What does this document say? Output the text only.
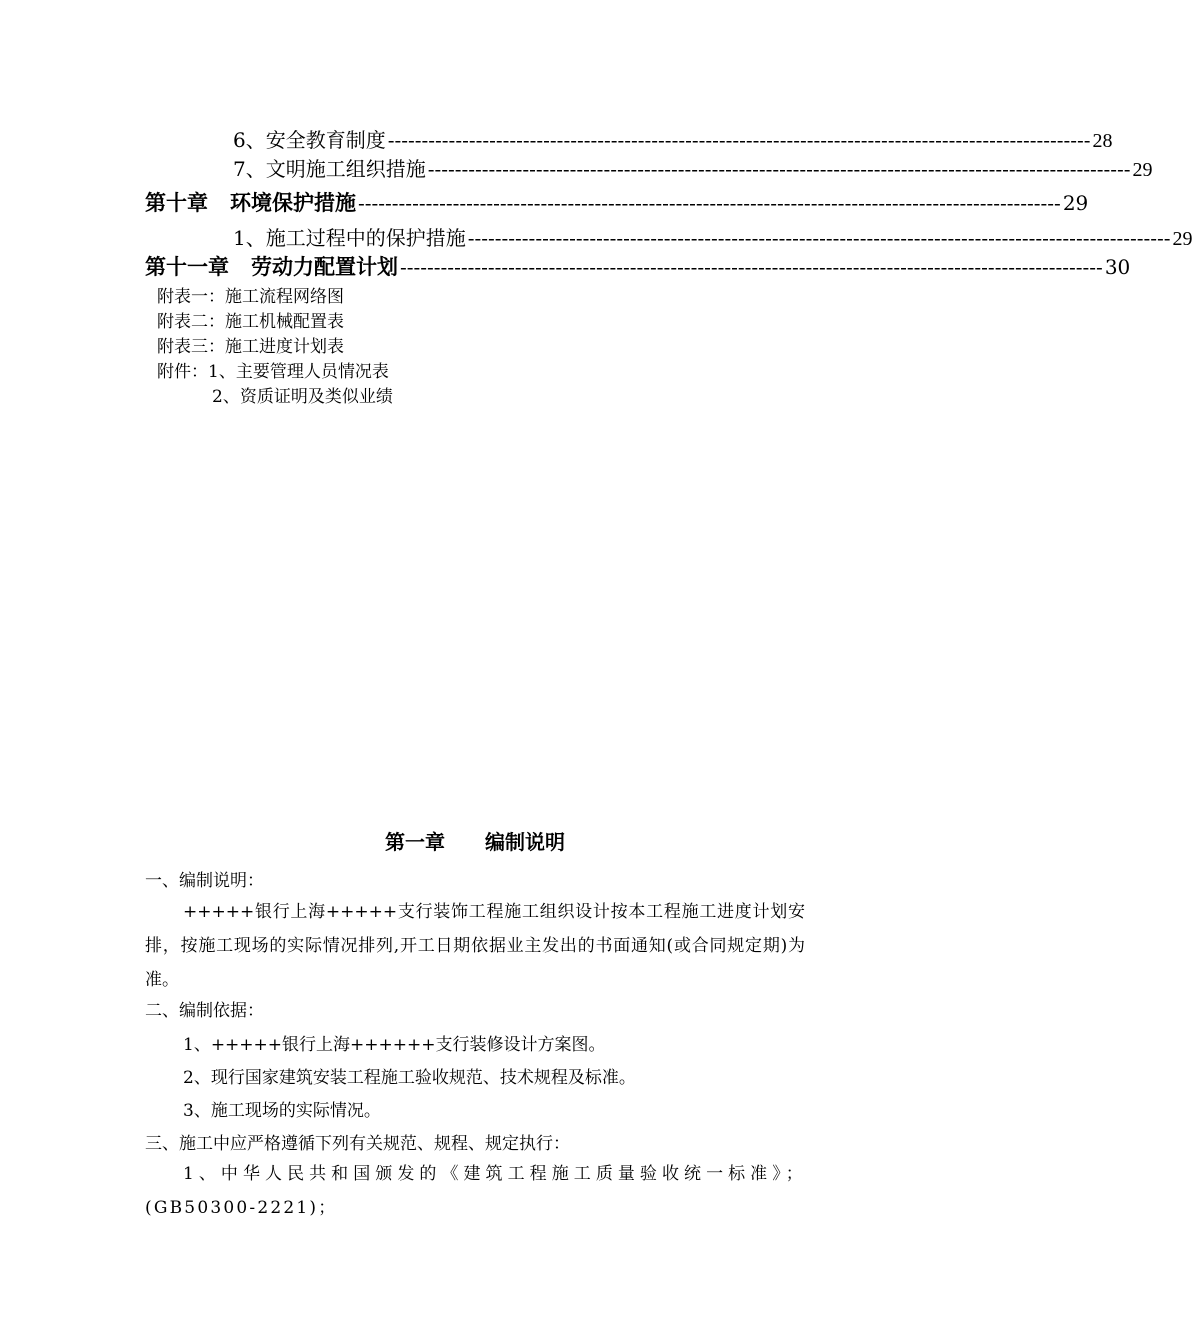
6、安全教育制度 -------------------------------------------------------------------------------------------------------- 28
7、文明施工组织措施 -------------------------------------------------------------------------------------------------------- 29
第十章 环境保护措施 -------------------------------------------------------------------------------------------------------- 29
1、施工过程中的保护措施 -------------------------------------------------------------------------------------------------------- 29
第十一章 劳动力配置计划 -------------------------------------------------------------------------------------------------------- 30
附表一：施工流程网络图
附表二：施工机械配置表
附表三：施工进度计划表
附件：1、主要管理人员情况表
2、资质证明及类似业绩
第一章 编制说明
一、编制说明：
+++++银行上海+++++支行装饰工程施工组织设计按本工程施工进度计划安排，按施工现场的实际情况排列,开工日期依据业主发出的书面通知(或合同规定期)为准。
二、编制依据：
1、+++++银行上海++++++支行装修设计方案图。
2、现行国家建筑安装工程施工验收规范、技术规程及标准。
3、施工现场的实际情况。
三、施工中应严格遵循下列有关规范、规程、规定执行：
1、中华人民共和国颁发的《建筑工程施工质量验收统一标准》；(GB50300-2221)；
